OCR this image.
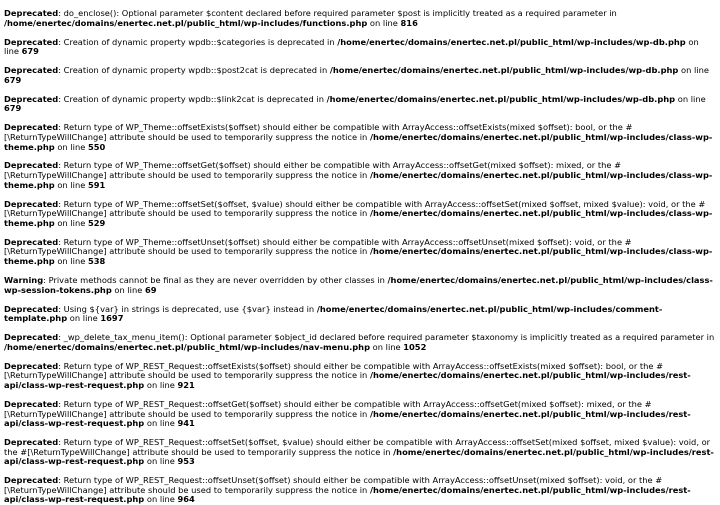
Deprecated: do_enclose(): Optional parameter $content declared before required parameter $post is implicitly treated as a required parameter in /home/enertec/domains/enertec.net.pl/public_html/wp-includes/functions.php on line 816
Deprecated: Creation of dynamic property wpdb::$categories is deprecated in /home/enertec/domains/enertec.net.pl/public_html/wp-includes/wp-db.php on line 679
Deprecated: Creation of dynamic property wpdb::$post2cat is deprecated in /home/enertec/domains/enertec.net.pl/public_html/wp-includes/wp-db.php on line 679
Deprecated: Creation of dynamic property wpdb::$link2cat is deprecated in /home/enertec/domains/enertec.net.pl/public_html/wp-includes/wp-db.php on line 679
Deprecated: Return type of WP_Theme::offsetExists($offset) should either be compatible with ArrayAccess::offsetExists(mixed $offset): bool, or the #[\ReturnTypeWillChange] attribute should be used to temporarily suppress the notice in /home/enertec/domains/enertec.net.pl/public_html/wp-includes/class-wp-theme.php on line 550
Deprecated: Return type of WP_Theme::offsetGet($offset) should either be compatible with ArrayAccess::offsetGet(mixed $offset): mixed, or the #[\ReturnTypeWillChange] attribute should be used to temporarily suppress the notice in /home/enertec/domains/enertec.net.pl/public_html/wp-includes/class-wp-theme.php on line 591
Deprecated: Return type of WP_Theme::offsetSet($offset, $value) should either be compatible with ArrayAccess::offsetSet(mixed $offset, mixed $value): void, or the #[\ReturnTypeWillChange] attribute should be used to temporarily suppress the notice in /home/enertec/domains/enertec.net.pl/public_html/wp-includes/class-wp-theme.php on line 529
Deprecated: Return type of WP_Theme::offsetUnset($offset) should either be compatible with ArrayAccess::offsetUnset(mixed $offset): void, or the #[\ReturnTypeWillChange] attribute should be used to temporarily suppress the notice in /home/enertec/domains/enertec.net.pl/public_html/wp-includes/class-wp-theme.php on line 538
Warning: Private methods cannot be final as they are never overridden by other classes in /home/enertec/domains/enertec.net.pl/public_html/wp-includes/class-wp-session-tokens.php on line 69
Deprecated: Using ${var} in strings is deprecated, use {$var} instead in /home/enertec/domains/enertec.net.pl/public_html/wp-includes/comment-template.php on line 1697
Deprecated: _wp_delete_tax_menu_item(): Optional parameter $object_id declared before required parameter $taxonomy is implicitly treated as a required parameter in /home/enertec/domains/enertec.net.pl/public_html/wp-includes/nav-menu.php on line 1052
Deprecated: Return type of WP_REST_Request::offsetExists($offset) should either be compatible with ArrayAccess::offsetExists(mixed $offset): bool, or the #[\ReturnTypeWillChange] attribute should be used to temporarily suppress the notice in /home/enertec/domains/enertec.net.pl/public_html/wp-includes/rest-api/class-wp-rest-request.php on line 921
Deprecated: Return type of WP_REST_Request::offsetGet($offset) should either be compatible with ArrayAccess::offsetGet(mixed $offset): mixed, or the #[\ReturnTypeWillChange] attribute should be used to temporarily suppress the notice in /home/enertec/domains/enertec.net.pl/public_html/wp-includes/rest-api/class-wp-rest-request.php on line 941
Deprecated: Return type of WP_REST_Request::offsetSet($offset, $value) should either be compatible with ArrayAccess::offsetSet(mixed $offset, mixed $value): void, or the #[\ReturnTypeWillChange] attribute should be used to temporarily suppress the notice in /home/enertec/domains/enertec.net.pl/public_html/wp-includes/rest-api/class-wp-rest-request.php on line 953
Deprecated: Return type of WP_REST_Request::offsetUnset($offset) should either be compatible with ArrayAccess::offsetUnset(mixed $offset): void, or the #[\ReturnTypeWillChange] attribute should be used to temporarily suppress the notice in /home/enertec/domains/enertec.net.pl/public_html/wp-includes/rest-api/class-wp-rest-request.php on line 964
